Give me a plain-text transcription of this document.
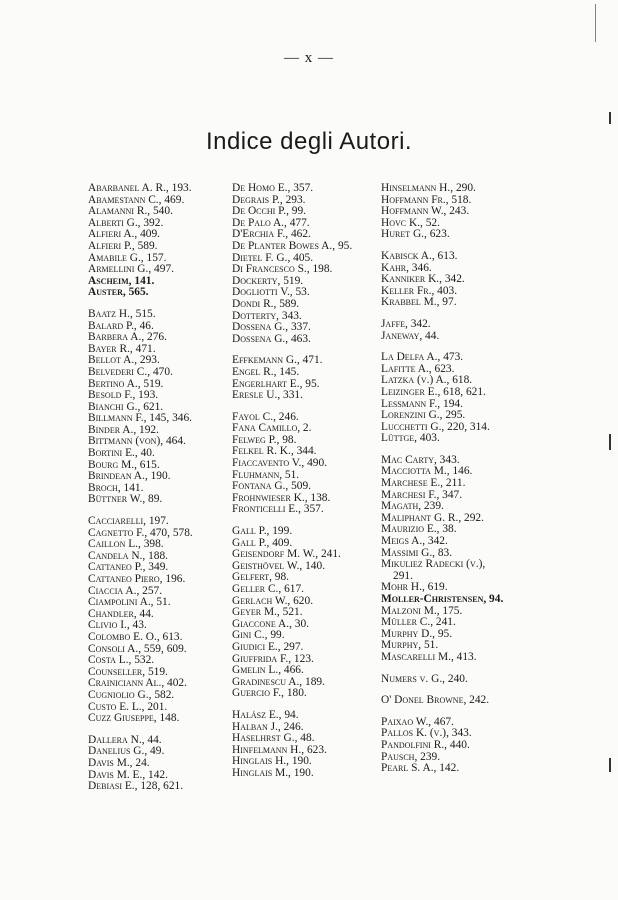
— x —
Indice degli Autori.
Abarbanel A. R., 193.
Abamestann C., 469.
Alamanni R., 540.
Alberti G., 392.
Alfieri A., 409.
Alfieri P., 589.
Amabile G., 157.
Armellini G., 497.
Ascheim, 141.
Auster, 565.
Baatz H., 515.
Balard P., 46.
Barbera A., 276.
Bayer R., 471.
Bellot A., 293.
Belvederi C., 470.
Bertino A., 519.
Besold F., 193.
Bianchi G., 621.
Billmann F., 145, 346.
Binder A., 192.
Bittmann (von), 464.
Bortini E., 40.
Bourg M., 615.
Brindean A., 190.
Broch, 141.
Büttner W., 89.
Cacciarelli, 197.
Cagnetto F., 470, 578.
Caillon L., 398.
Candela N., 188.
Cattaneo P., 349.
Cattaneo Piero, 196.
Ciaccia A., 257.
Ciampolini A., 51.
Chandler, 44.
Clivio I., 43.
Colombo E. O., 613.
Consoli A., 559, 609.
Costa L., 532.
Counseller, 519.
Crainiciann Al., 402.
Cugniolio G., 582.
Custo E. L., 201.
Cuzz Giuseppe, 148.
Dallera N., 44.
Danelius G., 49.
Davis M., 24.
Davis M. E., 142.
Debiasi E., 128, 621.
De Homo E., 357.
Degrais P., 293.
De Occhi P., 99.
De Palo A., 477.
D'Erchia F., 462.
De Planter Bowes A., 95.
Dietel F. G., 405.
Di Francesco S., 198.
Dockerty, 519.
Dogliotti V., 53.
Dondi R., 589.
Dotterty, 343.
Dossena G., 337.
Dossena G., 463.
Effkemann G., 471.
Engel R., 145.
Engerlhart E., 95.
Eresle U., 331.
Fayol C., 246.
Fana Camillo, 2.
Felweg P., 98.
Felkel R. K., 344.
Fiaccavento V., 490.
Fluhmann, 51.
Fontana G., 509.
Frohnwieser K., 138.
Fronticelli E., 357.
Gall P., 199.
Gall P., 409.
Geisendorf M. W., 241.
Geisthövel W., 140.
Gelfert, 98.
Geller C., 617.
Gerlach W., 620.
Geyer M., 521.
Giaccone A., 30.
Gini C., 99.
Giudici E., 297.
Giuffrida F., 123.
Gmelin L., 466.
Gradinescu A., 189.
Guercio F., 180.
Halász E., 94.
Halban J., 246.
Haselhrst G., 48.
Hinfelmann H., 623.
Hinglais H., 190.
Hinglais M., 190.
Hinselmann H., 290.
Hoffmann Fr., 518.
Hoffmann W., 243.
Hovc K., 52.
Huret G., 623.
Kabisck A., 613.
Kahr, 346.
Kanniker K., 342.
Keller Fr., 403.
Krabbel M., 97.
Jaffe, 342.
Janeway, 44.
La Delfa A., 473.
Lafitte A., 623.
Latzka (v.) A., 618.
Leizinger E., 618, 621.
Lessmann F., 194.
Lorenzini G., 295.
Lucchetti G., 220, 314.
Lüttge, 403.
Mac Carty, 343.
Macciotta M., 146.
Marchese E., 211.
Marchesi F., 347.
Magath, 239.
Maliphant G. R., 292.
Maurizio E., 38.
Meigs A., 342.
Massimi G., 83.
Mikuliez Radecki (v.),
291.
Mohr H., 619.
Moller-Christensen, 94.
Malzoni M., 175.
Müller C., 241.
Murphy D., 95.
Murphy, 51.
Mascarelli M., 413.
Numers v. G., 240.
O' Donel Browne, 242.
Paixao W., 467.
Pallos K. (v.), 343.
Pandolfini R., 440.
Pausch, 239.
Pearl S. A., 142.
